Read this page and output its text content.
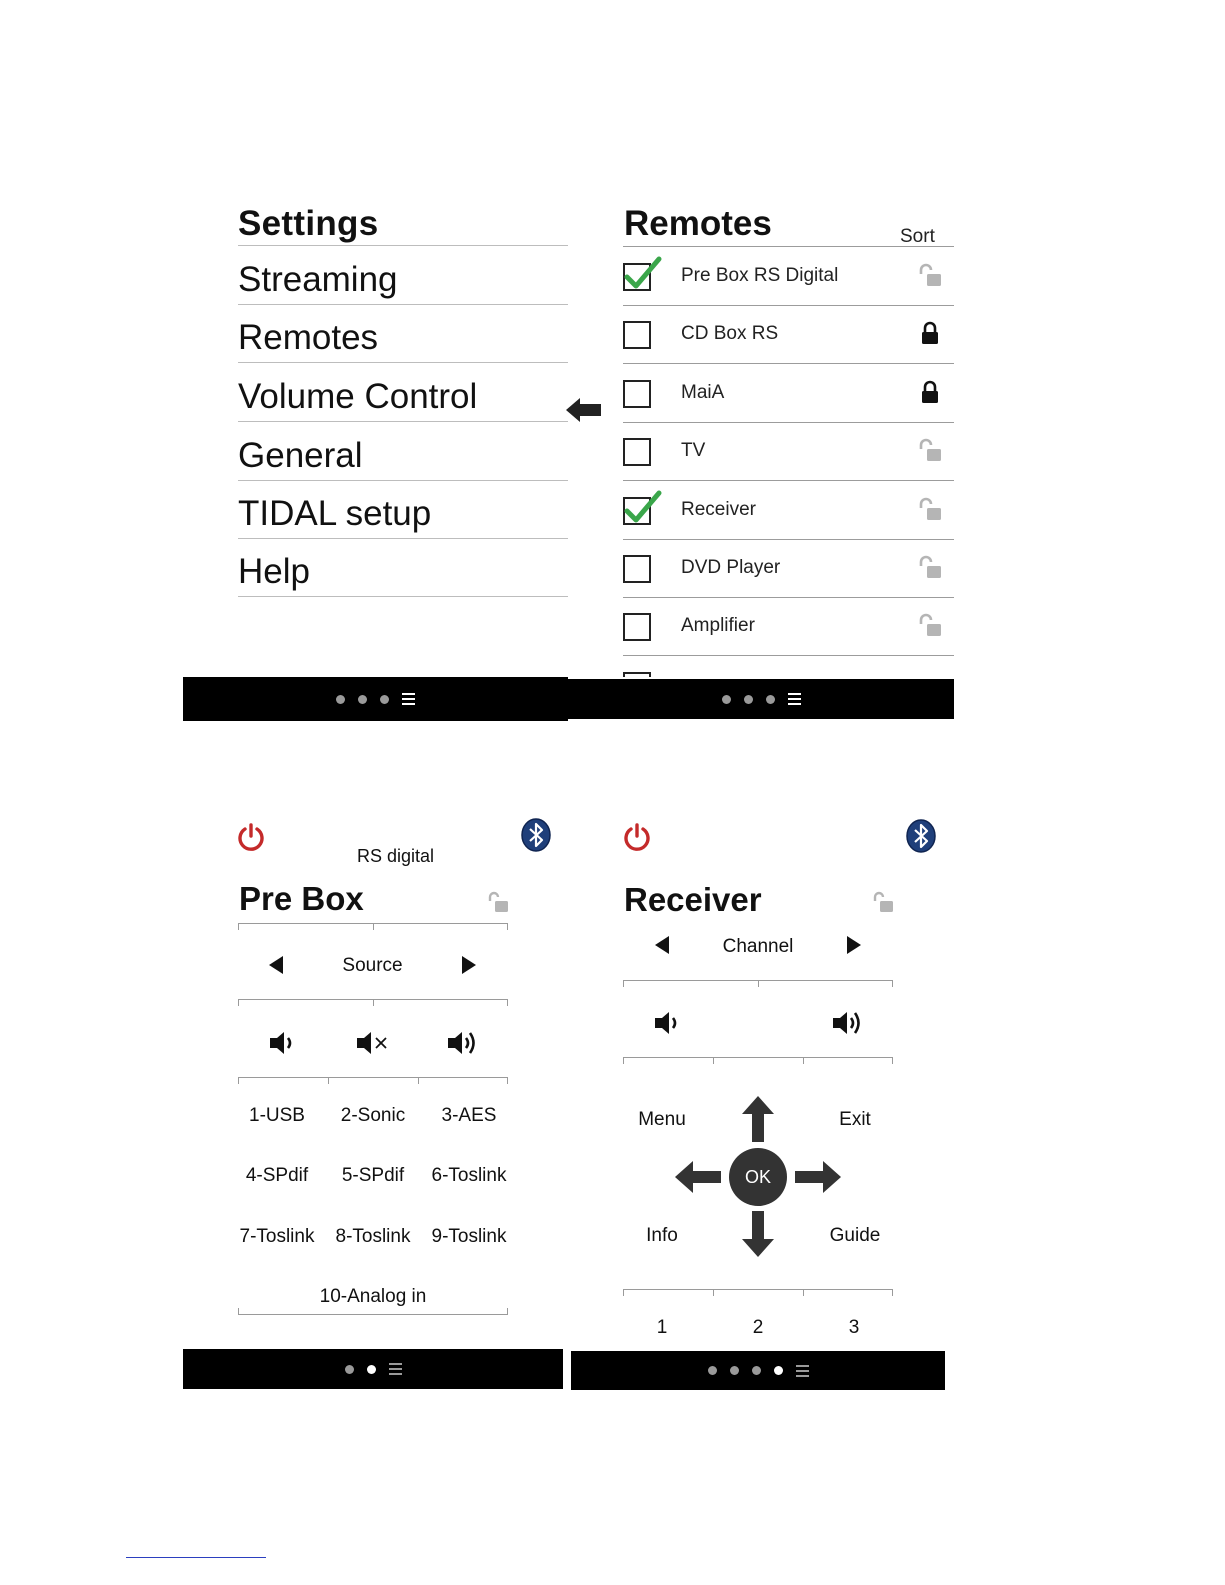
Settings
Streaming
Remotes
Volume Control
General
TIDAL setup
Help
Remotes	Sort
Pre Box RS Digital
CD Box RS
MaiA
TV
Receiver
DVD Player
Amplifier
RS digital
Pre Box
Source
1-USB	2-Sonic	3-AES
4-SPdif	5-SPdif	6-Toslink
7-Toslink	8-Toslink	9-Toslink
10-Analog in
Receiver
Channel
Menu	Exit
Info	Guide
OK
1	2	3
